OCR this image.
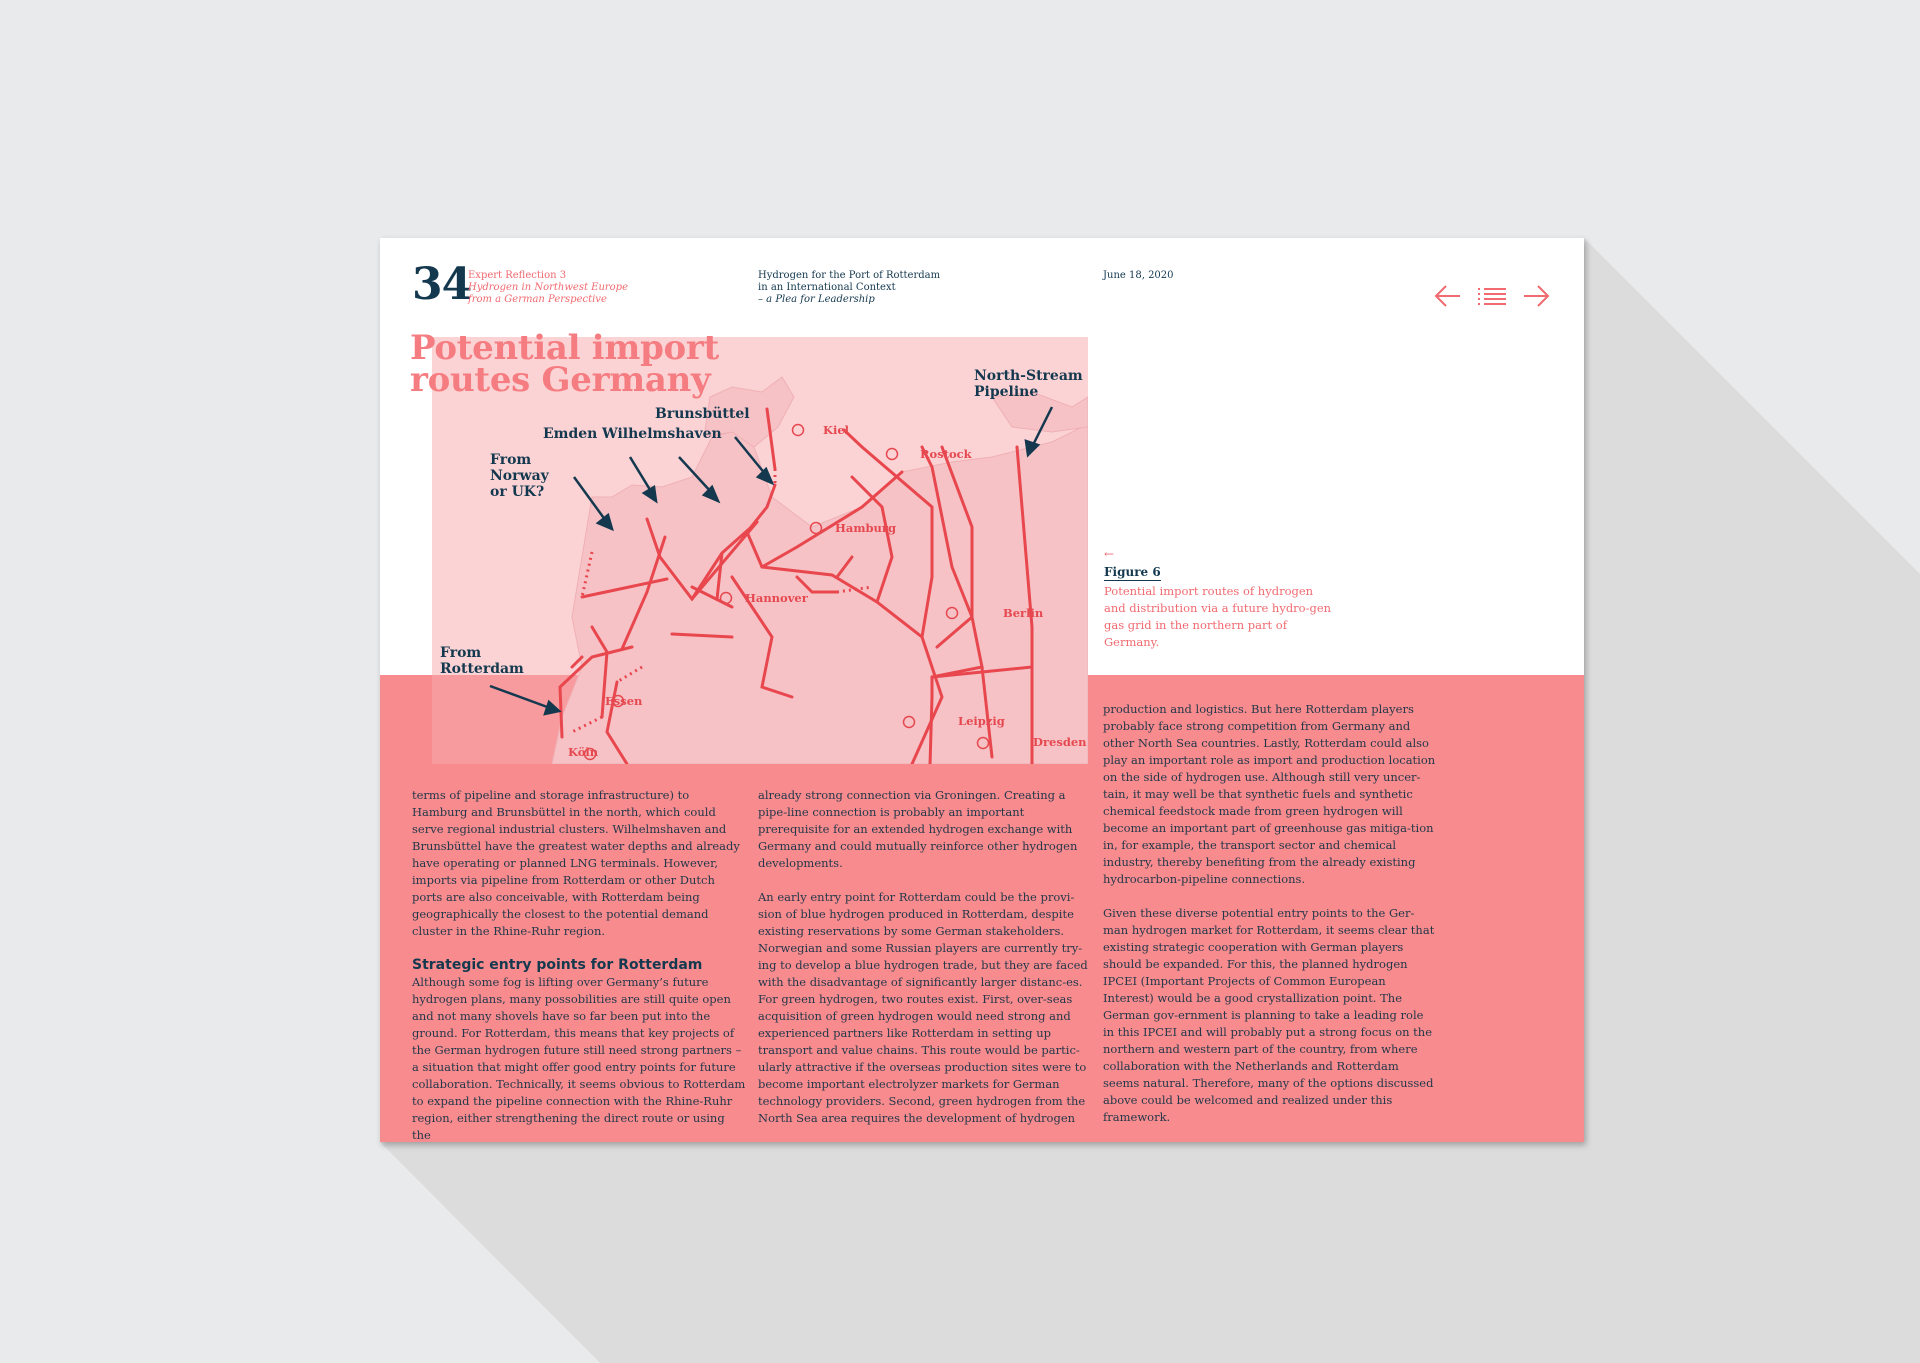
34
Expert Reflection 3
Hydrogen in Northwest Europe
from a German Perspective
Hydrogen for the Port of Rotterdam
in an International Context
– a Plea for Leadership
June 18, 2020
Potential import
routes Germany	North-Stream
Pipeline
Brunsbüttel
Emden Wilhelmshaven
From
Norway
or UK?
From
Rotterdam
Kiel
Rostock
Hamburg
Hannover
Berlin
Essen
Leipzig
Dresden
Köln
←
Figure 6
Potential import routes of hydrogen and distribution via a future hydro-gen gas grid in the northern part of Germany.

terms of pipeline and storage infrastructure) to Hamburg and Brunsbüttel in the north, which could serve regional industrial clusters. Wilhelmshaven and Brunsbüttel have the greatest water depths and already have operating or planned LNG terminals. However, imports via pipeline from Rotterdam or other Dutch ports are also conceivable, with Rotterdam being geographically the closest to the potential demand cluster in the Rhine-Ruhr region.

Strategic entry points for Rotterdam

Although some fog is lifting over Germany’s future hydrogen plans, many possobilities are still quite open and not many shovels have so far been put into the ground. For Rotterdam, this means that key projects of the German hydrogen future still need strong partners – a situation that might offer good entry points for future collaboration. Technically, it seems obvious to Rotterdam to expand the pipeline connection with the Rhine-Ruhr region, either strengthening the direct route or using the

already strong connection via Groningen. Creating a pipe-line connection is probably an important prerequisite for an extended hydrogen exchange with Germany and could mutually reinforce other hydrogen developments.

An early entry point for Rotterdam could be the provi-sion of blue hydrogen produced in Rotterdam, despite existing reservations by some German stakeholders. Norwegian and some Russian players are currently try-ing to develop a blue hydrogen trade, but they are faced with the disadvantage of significantly larger distanc-es. For green hydrogen, two routes exist. First, over-seas acquisition of green hydrogen would need strong and experienced partners like Rotterdam in setting up transport and value chains. This route would be partic-ularly attractive if the overseas production sites were to become important electrolyzer markets for German technology providers. Second, green hydrogen from the North Sea area requires the development of hydrogen

production and logistics. But here Rotterdam players probably face strong competition from Germany and other North Sea countries. Lastly, Rotterdam could also play an important role as import and production location on the side of hydrogen use. Although still very uncer-tain, it may well be that synthetic fuels and synthetic chemical feedstock made from green hydrogen will become an important part of greenhouse gas mitiga-tion in, for example, the transport sector and chemical industry, thereby benefiting from the already existing hydrocarbon-pipeline connections.

Given these diverse potential entry points to the Ger-man hydrogen market for Rotterdam, it seems clear that existing strategic cooperation with German players should be expanded. For this, the planned hydrogen IPCEI (Important Projects of Common European Interest) would be a good crystallization point. The German gov-ernment is planning to take a leading role in this IPCEI and will probably put a strong focus on the northern and western part of the country, from where collaboration with the Netherlands and Rotterdam seems natural. Therefore, many of the options discussed above could be welcomed and realized under this framework.
